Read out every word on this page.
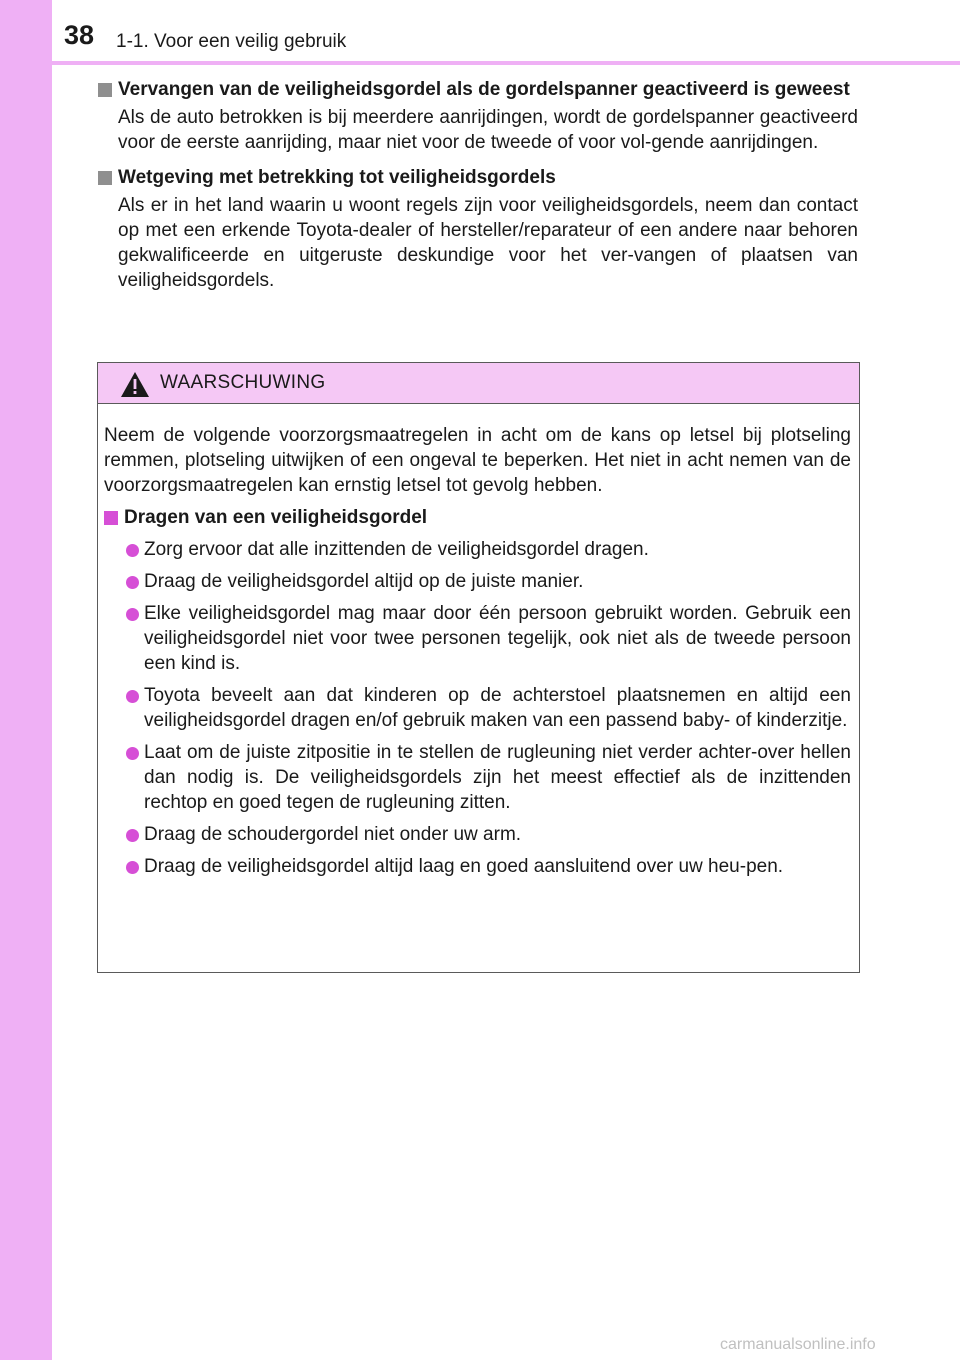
38 1-1. Voor een veilig gebruik
Vervangen van de veiligheidsgordel als de gordelspanner geactiveerd is geweest
Als de auto betrokken is bij meerdere aanrijdingen, wordt de gordelspanner geactiveerd voor de eerste aanrijding, maar niet voor de tweede of voor vol-gende aanrijdingen.
Wetgeving met betrekking tot veiligheidsgordels
Als er in het land waarin u woont regels zijn voor veiligheidsgordels, neem dan contact op met een erkende Toyota-dealer of hersteller/reparateur of een andere naar behoren gekwalificeerde en uitgeruste deskundige voor het ver-vangen of plaatsen van veiligheidsgordels.
WAARSCHUWING

Neem de volgende voorzorgsmaatregelen in acht om de kans op letsel bij plotseling remmen, plotseling uitwijken of een ongeval te beperken. Het niet in acht nemen van de voorzorgsmaatregelen kan ernstig letsel tot gevolg hebben.

Dragen van een veiligheidsgordel
Zorg ervoor dat alle inzittenden de veiligheidsgordel dragen.
Draag de veiligheidsgordel altijd op de juiste manier.
Elke veiligheidsgordel mag maar door één persoon gebruikt worden. Gebruik een veiligheidsgordel niet voor twee personen tegelijk, ook niet als de tweede persoon een kind is.
Toyota beveelt aan dat kinderen op de achterstoel plaatsnemen en altijd een veiligheidsgordel dragen en/of gebruik maken van een passend baby- of kinderzitje.
Laat om de juiste zitpositie in te stellen de rugleuning niet verder achter-over hellen dan nodig is. De veiligheidsgordels zijn het meest effectief als de inzittenden rechtop en goed tegen de rugleuning zitten.
Draag de schoudergordel niet onder uw arm.
Draag de veiligheidsgordel altijd laag en goed aansluitend over uw heu-pen.
carmanualsonline.info
